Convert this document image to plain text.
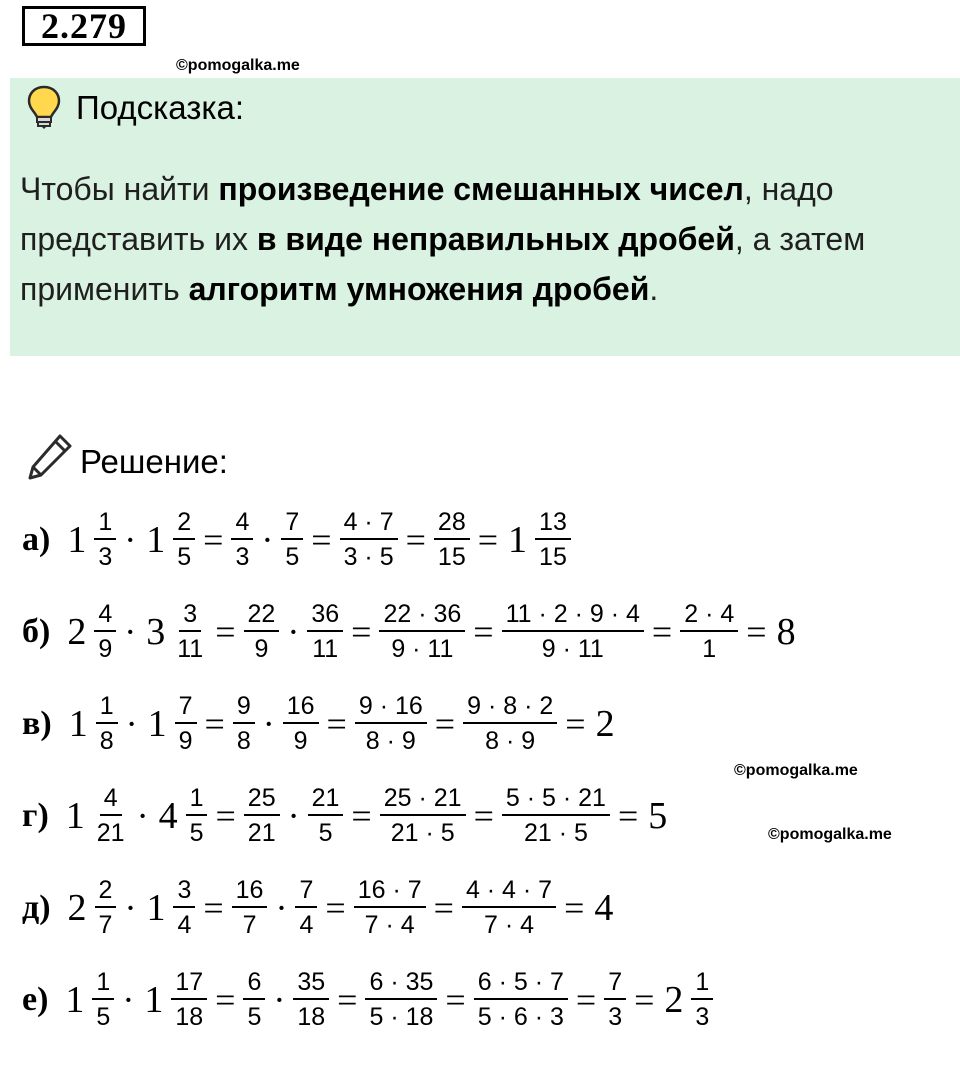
2.279
©pomogalka.me
Подсказка:
Чтобы найти произведение смешанных чисел, надо представить их в виде неправильных дробей, а затем применить алгоритм умножения дробей.
Решение:
а) $1 \frac{1}{3} \cdot 1 \frac{2}{5} = \frac{4}{3} \cdot \frac{7}{5} = \frac{4 \cdot 7}{3 \cdot 5} = \frac{28}{15} = 1 \frac{13}{15}$
б) $2 \frac{4}{9} \cdot 3 \frac{3}{11} = \frac{22}{9} \cdot \frac{36}{11} = \frac{22 \cdot 36}{9 \cdot 11} = \frac{11 \cdot 2 \cdot 9 \cdot 4}{9 \cdot 11} = \frac{2 \cdot 4}{1} = 8$
в) $1 \frac{1}{8} \cdot 1 \frac{7}{9} = \frac{9}{8} \cdot \frac{16}{9} = \frac{9 \cdot 16}{8 \cdot 9} = \frac{9 \cdot 8 \cdot 2}{8 \cdot 9} = 2$
г) $1 \frac{4}{21} \cdot 4 \frac{1}{5} = \frac{25}{21} \cdot \frac{21}{5} = \frac{25 \cdot 21}{21 \cdot 5} = \frac{5 \cdot 5 \cdot 21}{21 \cdot 5} = 5$
д) $2 \frac{2}{7} \cdot 1 \frac{3}{4} = \frac{16}{7} \cdot \frac{7}{4} = \frac{16 \cdot 7}{7 \cdot 4} = \frac{4 \cdot 4 \cdot 7}{7 \cdot 4} = 4$
е) $1 \frac{1}{5} \cdot 1 \frac{17}{18} = \frac{6}{5} \cdot \frac{35}{18} = \frac{6 \cdot 35}{5 \cdot 18} = \frac{6 \cdot 5 \cdot 7}{5 \cdot 6 \cdot 3} = \frac{7}{3} = 2 \frac{1}{3}$
©pomogalka.me
©pomogalka.me
